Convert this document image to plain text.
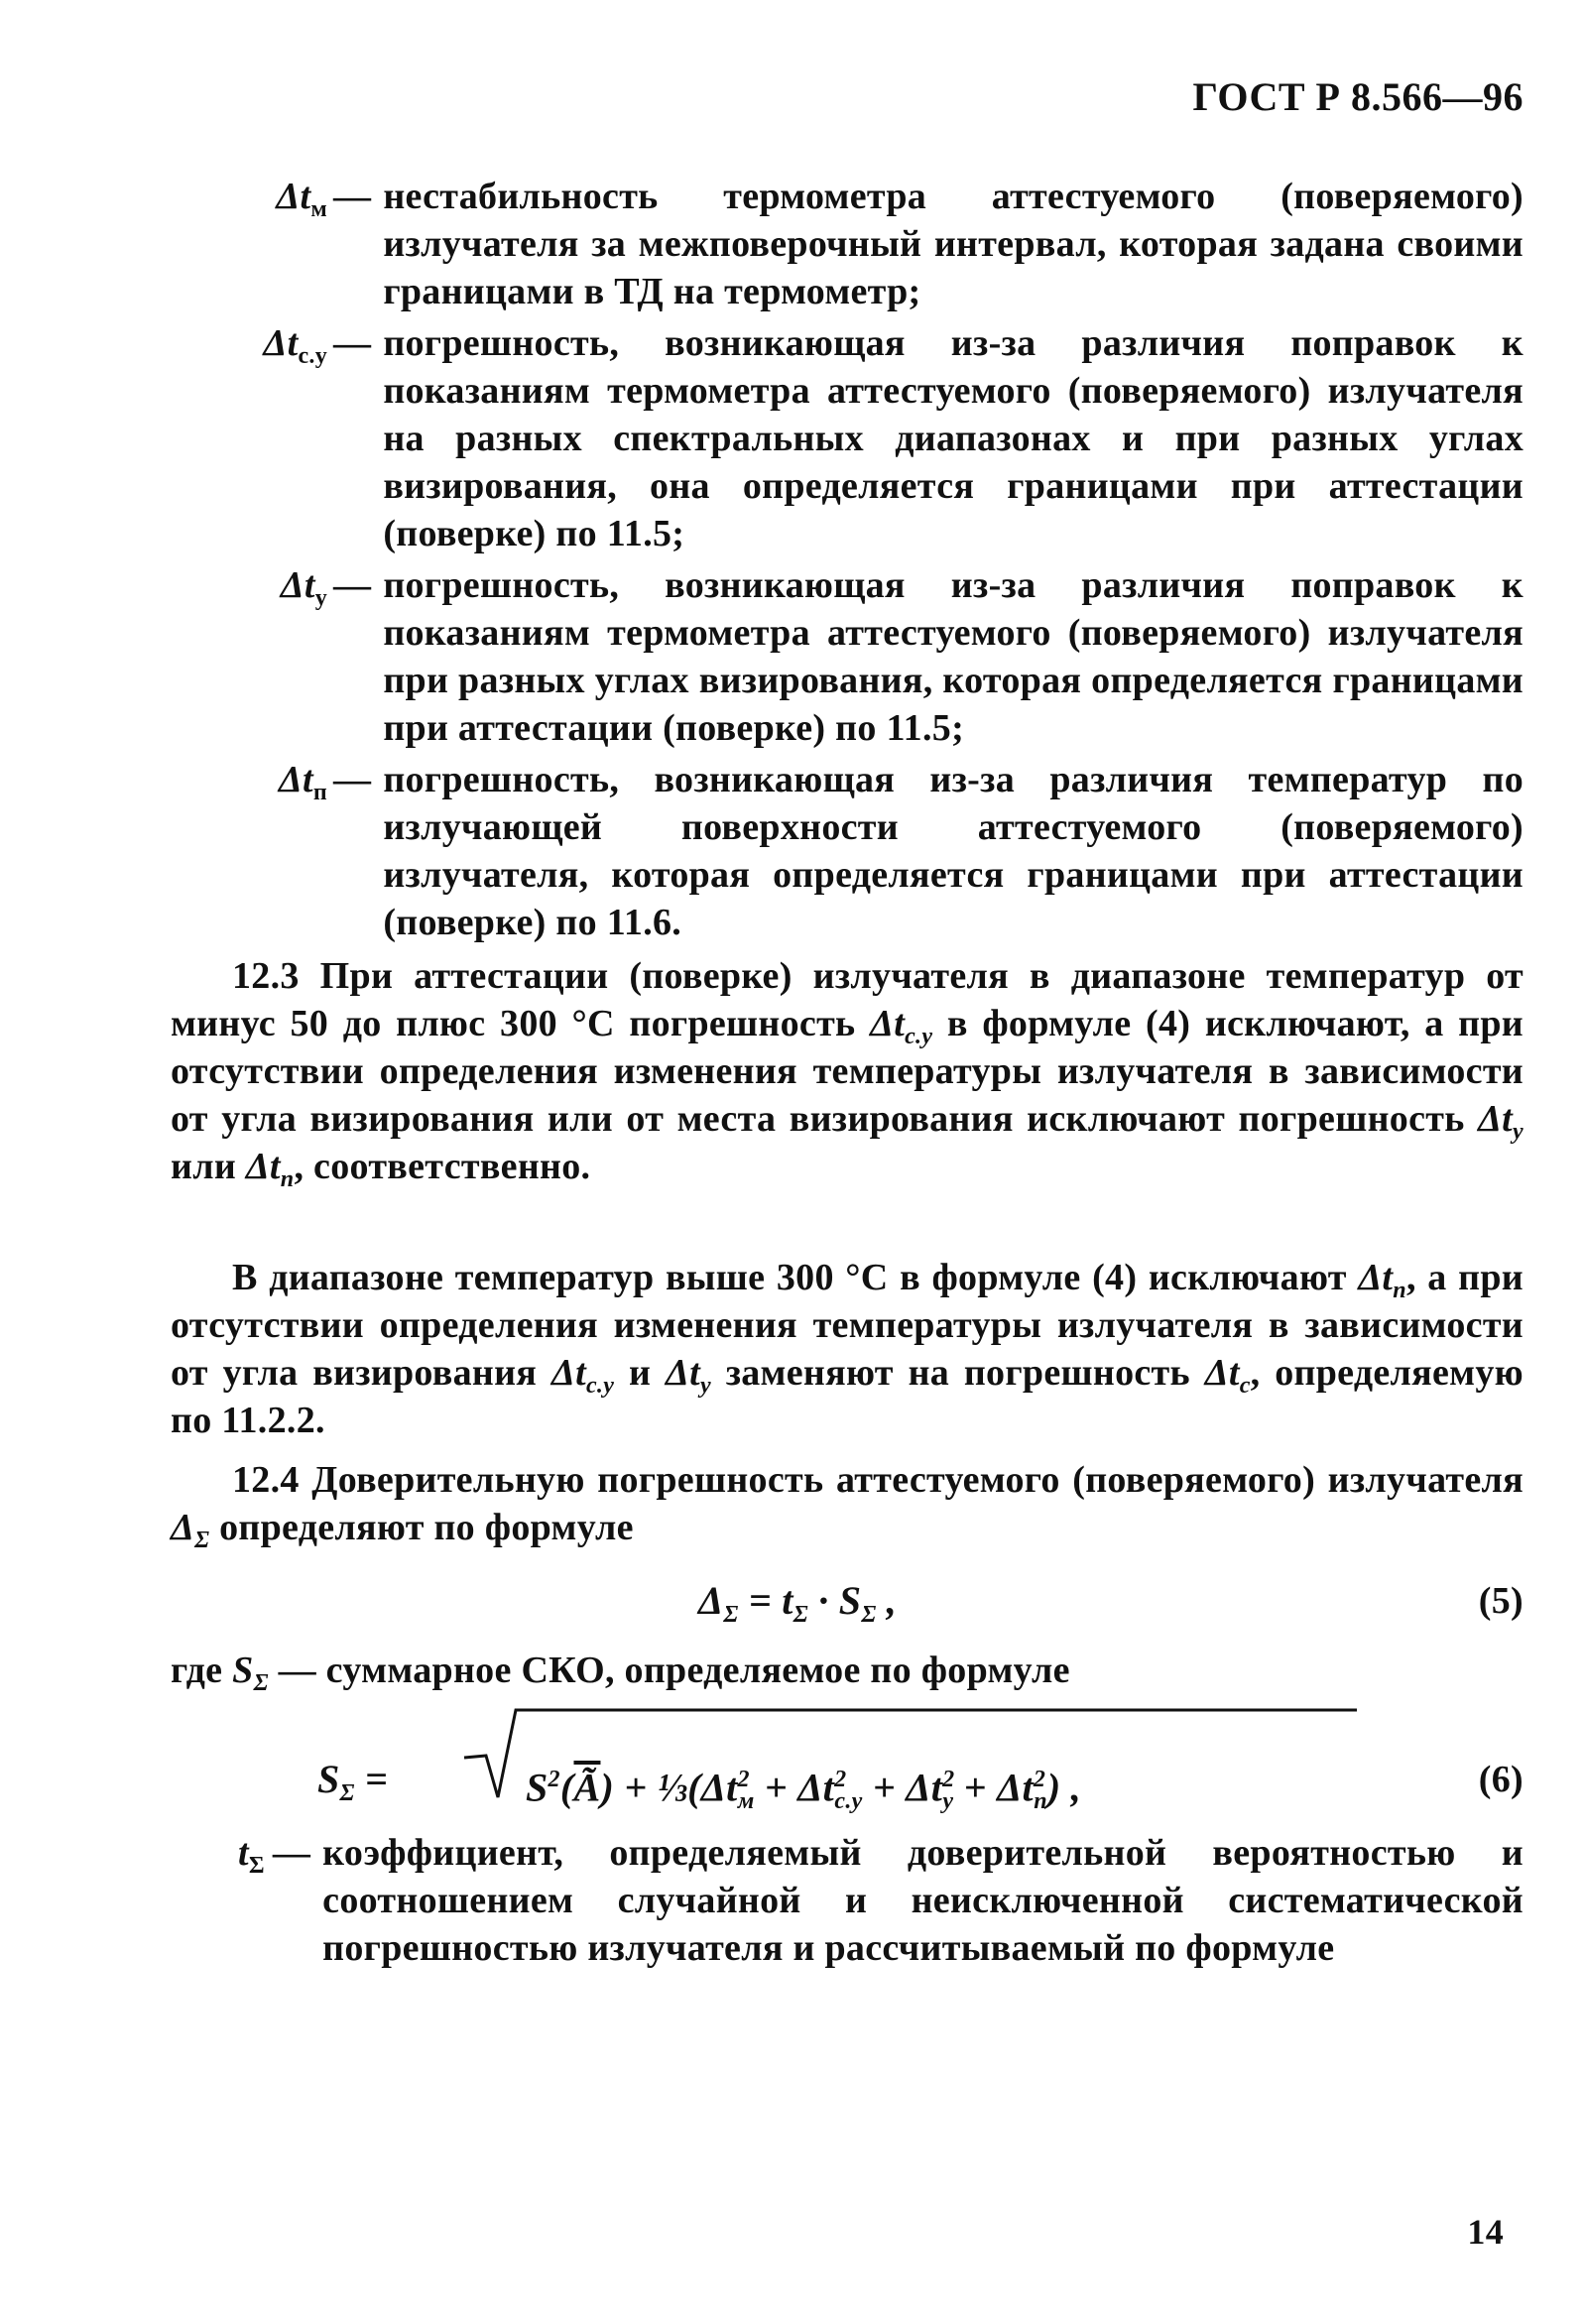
ГОСТ Р 8.566—96
$\Delta t_м$ — нестабильность термометра аттестуемого (поверяемого) излучателя за межповерочный интервал, которая задана своими границами в ТД на термометр;
$\Delta t_{с.у}$ — погрешность, возникающая из-за различия поправок к показаниям термометра аттестуемого (поверяемого) излучателя на разных спектральных диапазонах и при разных углах визирования, она определяется границами при аттестации (поверке) по 11.5;
$\Delta t_у$ — погрешность, возникающая из-за различия поправок к показаниям термометра аттестуемого (поверяемого) излучателя при разных углах визирования, которая определяется границами при аттестации (поверке) по 11.5;
$\Delta t_п$ — погрешность, возникающая из-за различия температур по излучающей поверхности аттестуемого (поверяемого) излучателя, которая определяется границами при аттестации (поверке) по 11.6.
12.3 При аттестации (поверке) излучателя в диапазоне температур от минус 50 до плюс 300 °С погрешность $\Delta t_{с.у}$ в формуле (4) исключают, а при отсутствии определения изменения температуры излучателя в зависимости от угла визирования или от места визирования исключают погрешность $\Delta t_у$ или $\Delta t_п$, соответственно.
В диапазоне температур выше 300 °С в формуле (4) исключают $\Delta t_п$, а при отсутствии определения изменения температуры излучателя в зависимости от угла визирования $\Delta t_{с.у}$ и $\Delta t_у$ заменяют на погрешность $\Delta t_с$, определяемую по 11.2.2.
12.4 Доверительную погрешность аттестуемого (поверяемого) излучателя $\Delta_\Sigma$ определяют по формуле
$\Delta_\Sigma = t_\Sigma \cdot S_\Sigma$ ,	(5)
где $S_\Sigma$ — суммарное СКО, определяемое по формуле
$S_\Sigma$ =	$S^2(\overline{Ã})$ + $\frac{1}{3}(\Delta t^2_м + \Delta t^2_{с.у} + \Delta t^2_у + \Delta t^2_п)$ ,	(6)
$t_\Sigma$ — коэффициент, определяемый доверительной вероятностью и соотношением случайной и неисключенной систематической погрешностью излучателя и рассчитываемый по формуле
14
